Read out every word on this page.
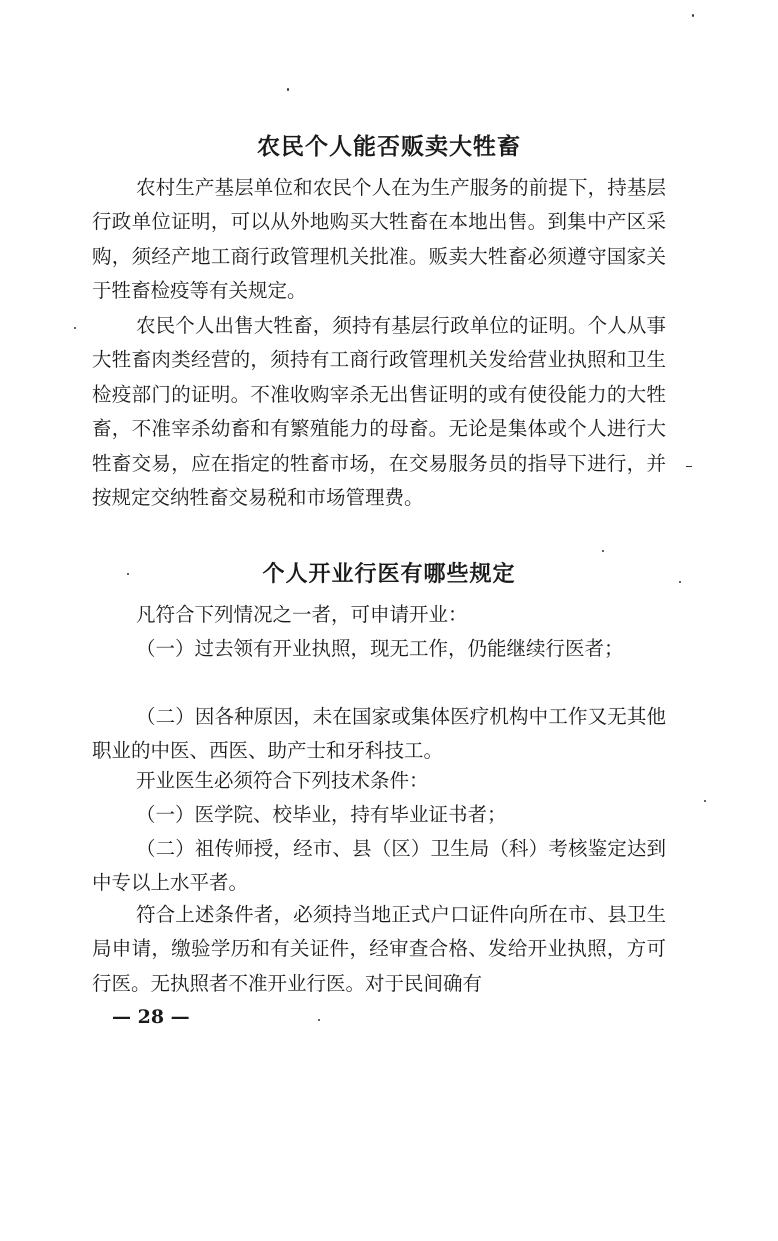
农民个人能否贩卖大牲畜

农村生产基层单位和农民个人在为生产服务的前提下，持基层行政单位证明，可以从外地购买大牲畜在本地出售。到集中产区采购，须经产地工商行政管理机关批准。贩卖大牲畜必须遵守国家关于牲畜检疫等有关规定。

农民个人出售大牲畜，须持有基层行政单位的证明。个人从事大牲畜肉类经营的，须持有工商行政管理机关发给营业执照和卫生检疫部门的证明。不准收购宰杀无出售证明的或有使役能力的大牲畜，不准宰杀幼畜和有繁殖能力的母畜。无论是集体或个人进行大牲畜交易，应在指定的牲畜市场，在交易服务员的指导下进行，并按规定交纳牲畜交易税和市场管理费。

个人开业行医有哪些规定

凡符合下列情况之一者，可申请开业：

（一）过去领有开业执照，现无工作，仍能继续行医者；

（二）因各种原因，未在国家或集体医疗机构中工作又无其他职业的中医、西医、助产士和牙科技工。

开业医生必须符合下列技术条件：

（一）医学院、校毕业，持有毕业证书者；

（二）祖传师授，经市、县（区）卫生局（科）考核鉴定达到中专以上水平者。

符合上述条件者，必须持当地正式户口证件向所在市、县卫生局申请，缴验学历和有关证件，经审查合格、发给开业执照，方可行医。无执照者不准开业行医。对于民间确有

— 28 —
